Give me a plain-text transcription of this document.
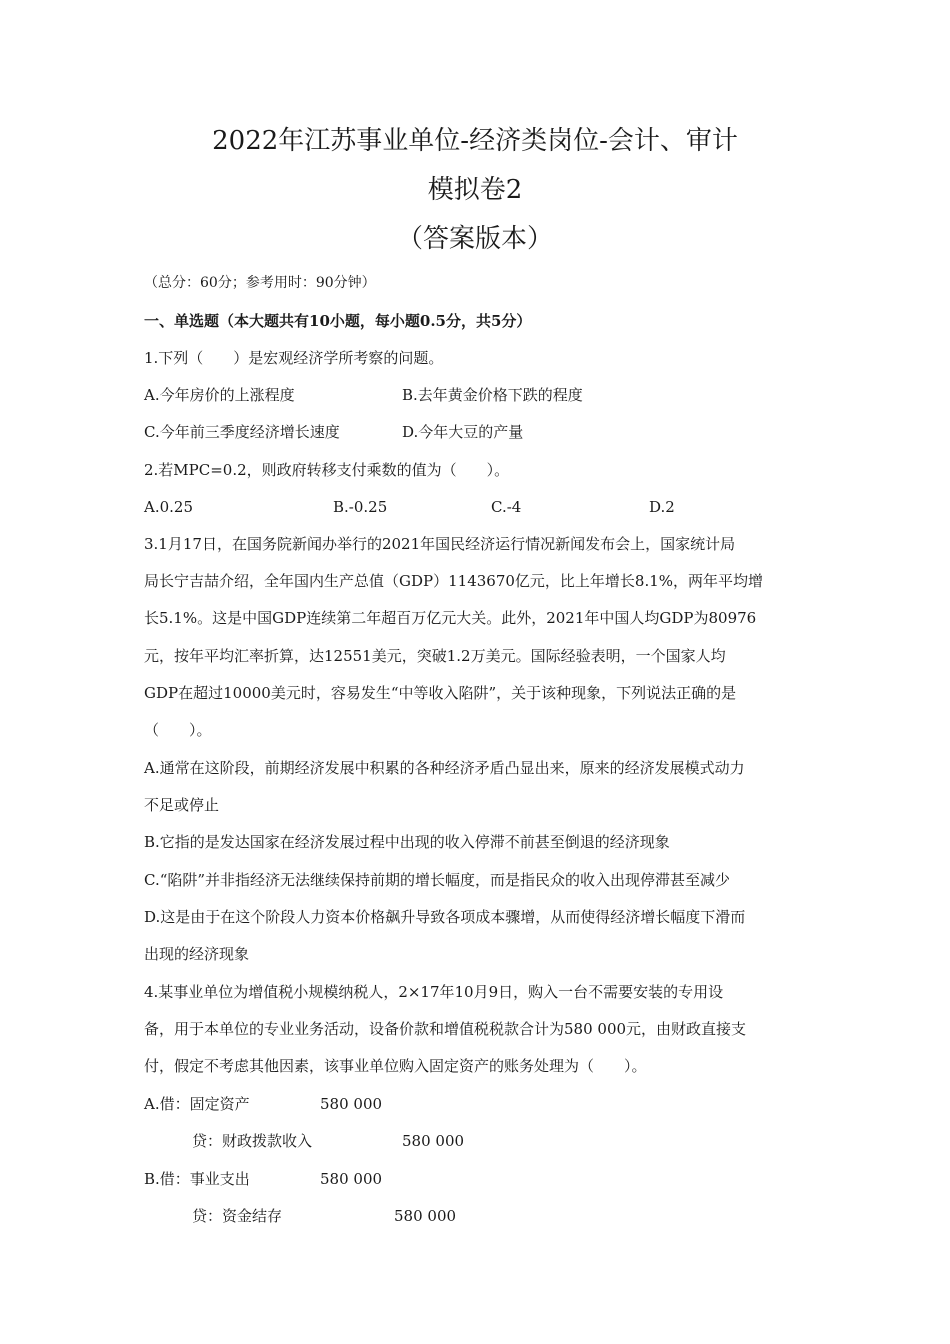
2022年江苏事业单位-经济类岗位-会计、审计
模拟卷2
（答案版本）
（总分：60分；参考用时：90分钟）
一、单选题（本大题共有10小题，每小题0.5分，共5分）
1.下列（　　）是宏观经济学所考察的问题。
A.今年房价的上涨程度	B.去年黄金价格下跌的程度
C.今年前三季度经济增长速度	D.今年大豆的产量
2.若MPC=0.2，则政府转移支付乘数的值为（　　）。
A.0.25	B.-0.25	C.-4	D.2
3.1月17日，在国务院新闻办举行的2021年国民经济运行情况新闻发布会上，国家统计局
局长宁吉喆介绍，全年国内生产总值（GDP）1143670亿元，比上年增长8.1%，两年平均增
长5.1%。这是中国GDP连续第二年超百万亿元大关。此外，2021年中国人均GDP为80976
元，按年平均汇率折算，达12551美元，突破1.2万美元。国际经验表明，一个国家人均
GDP在超过10000美元时，容易发生“中等收入陷阱”，关于该种现象，下列说法正确的是
（　　）。
A.通常在这阶段，前期经济发展中积累的各种经济矛盾凸显出来，原来的经济发展模式动力
不足或停止
B.它指的是发达国家在经济发展过程中出现的收入停滞不前甚至倒退的经济现象
C.“陷阱”并非指经济无法继续保持前期的增长幅度，而是指民众的收入出现停滞甚至减少
D.这是由于在这个阶段人力资本价格飙升导致各项成本骤增，从而使得经济增长幅度下滑而
出现的经济现象
4.某事业单位为增值税小规模纳税人，2×17年10月9日，购入一台不需要安装的专用设
备，用于本单位的专业业务活动，设备价款和增值税税款合计为580 000元，由财政直接支
付，假定不考虑其他因素，该事业单位购入固定资产的账务处理为（　　）。
A.借：固定资产	580 000
贷：财政拨款收入	580 000
B.借：事业支出	580 000
贷：资金结存	580 000
